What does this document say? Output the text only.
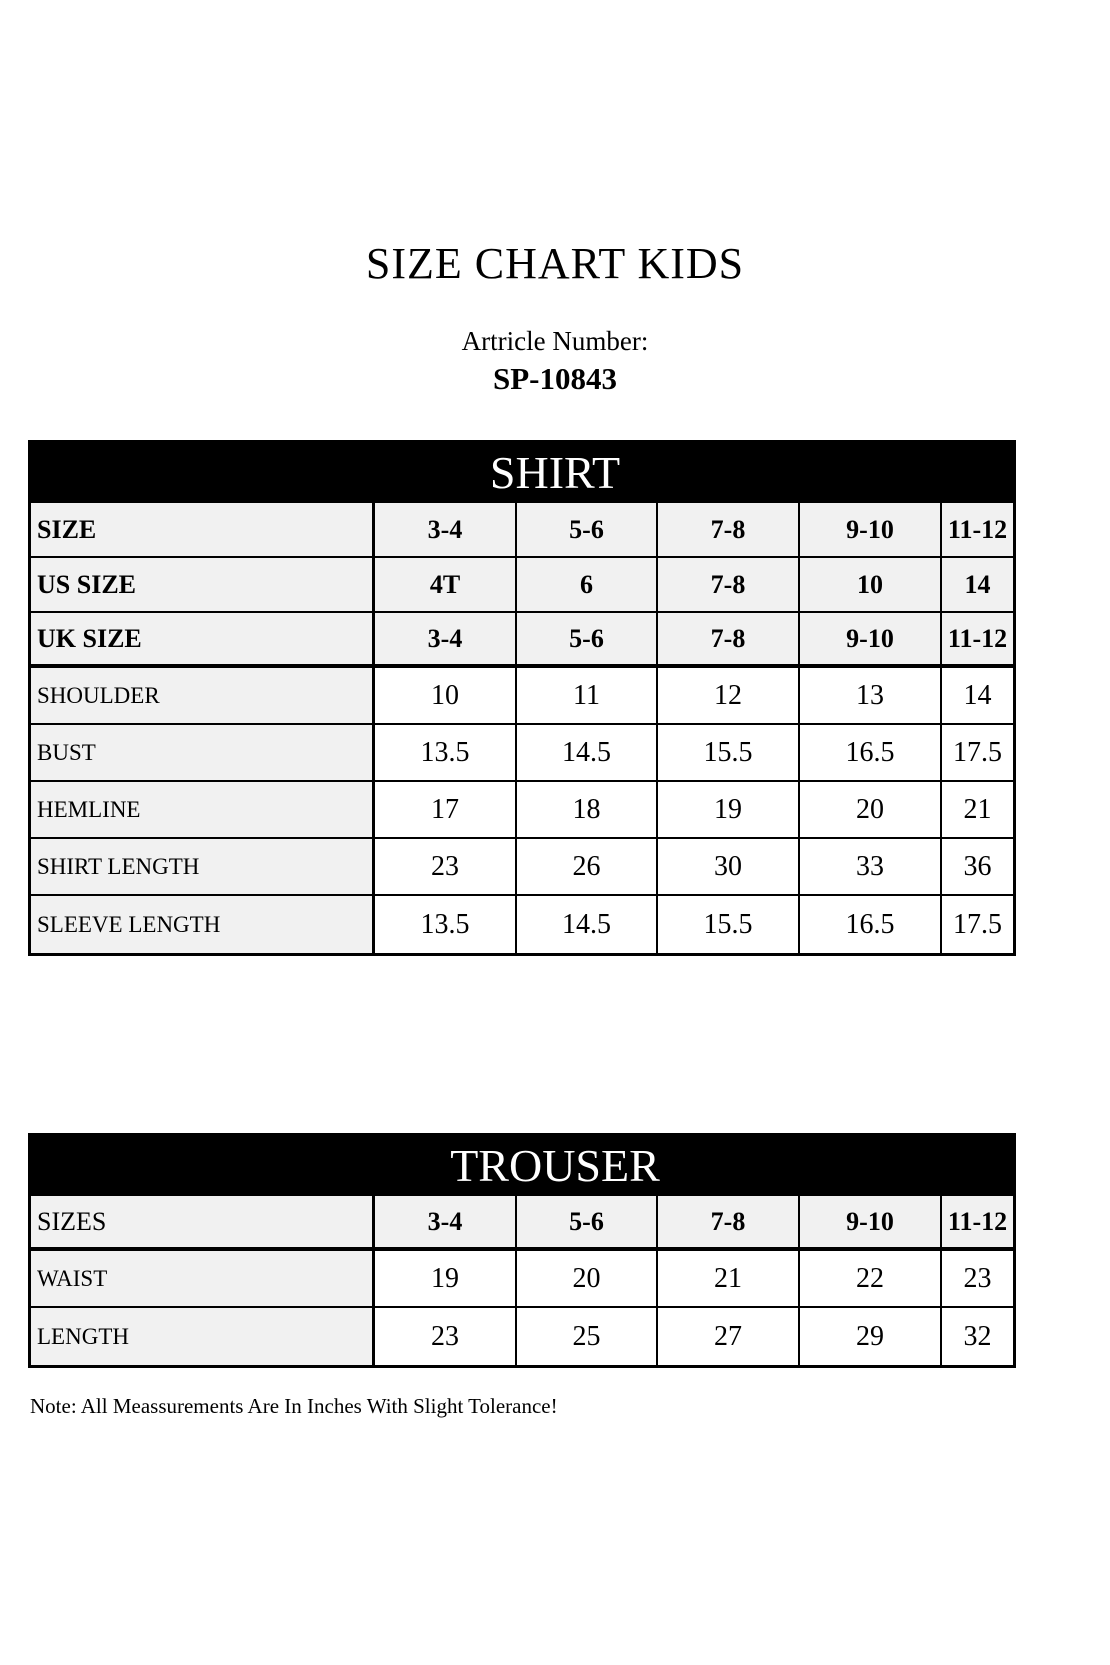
SIZE CHART KIDS
Artricle Number:
SP-10843
SHIRT
SIZE	3-4	5-6	7-8	9-10	11-12
US SIZE	4T	6	7-8	10	14
UK SIZE	3-4	5-6	7-8	9-10	11-12
SHOULDER	10	11	12	13	14
BUST	13.5	14.5	15.5	16.5	17.5
HEMLINE	17	18	19	20	21
SHIRT LENGTH	23	26	30	33	36
SLEEVE LENGTH	13.5	14.5	15.5	16.5	17.5
TROUSER
SIZES	3-4	5-6	7-8	9-10	11-12
WAIST	19	20	21	22	23
LENGTH	23	25	27	29	32
Note: All Meassurements Are In Inches With Slight Tolerance!
